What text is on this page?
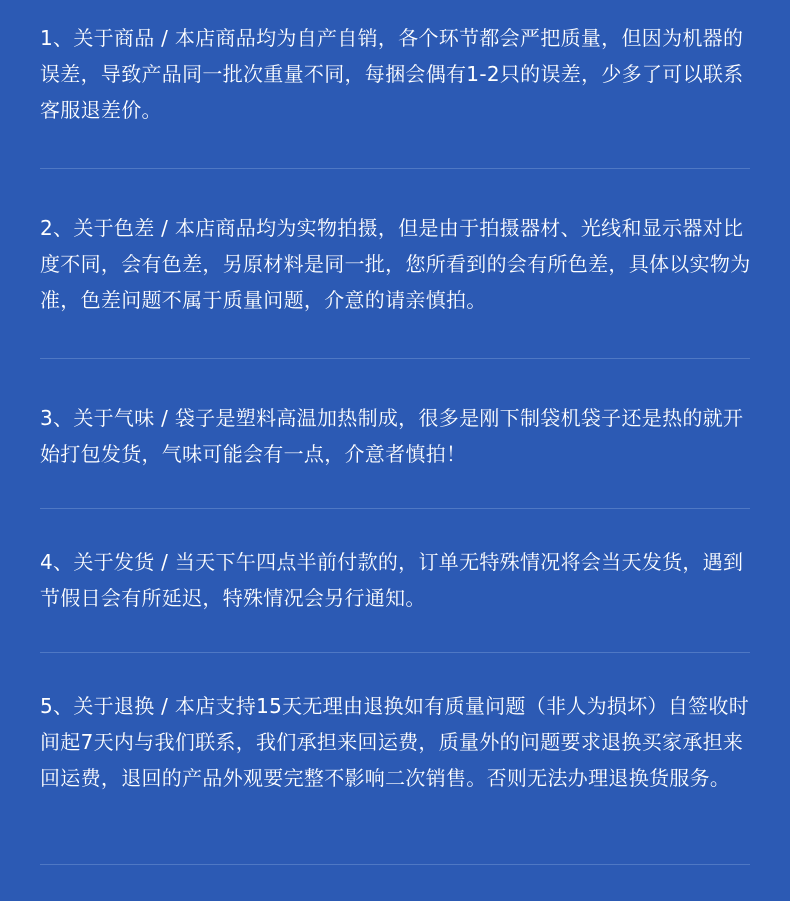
1、关于商品 / 本店商品均为自产自销，各个环节都会严把质量，但因为机器的误差，导致产品同一批次重量不同，每捆会偶有1-2只的误差，少多了可以联系客服退差价。

2、关于色差 / 本店商品均为实物拍摄，但是由于拍摄器材、光线和显示器对比度不同，会有色差，另原材料是同一批，您所看到的会有所色差，具体以实物为准，色差问题不属于质量问题，介意的请亲慎拍。

3、关于气味 / 袋子是塑料高温加热制成，很多是刚下制袋机袋子还是热的就开始打包发货，气味可能会有一点，介意者慎拍！

4、关于发货 / 当天下午四点半前付款的，订单无特殊情况将会当天发货，遇到节假日会有所延迟，特殊情况会另行通知。

5、关于退换 / 本店支持15天无理由退换如有质量问题（非人为损坏）自签收时间起7天内与我们联系，我们承担来回运费，质量外的问题要求退换买家承担来回运费，退回的产品外观要完整不影响二次销售。否则无法办理退换货服务。
